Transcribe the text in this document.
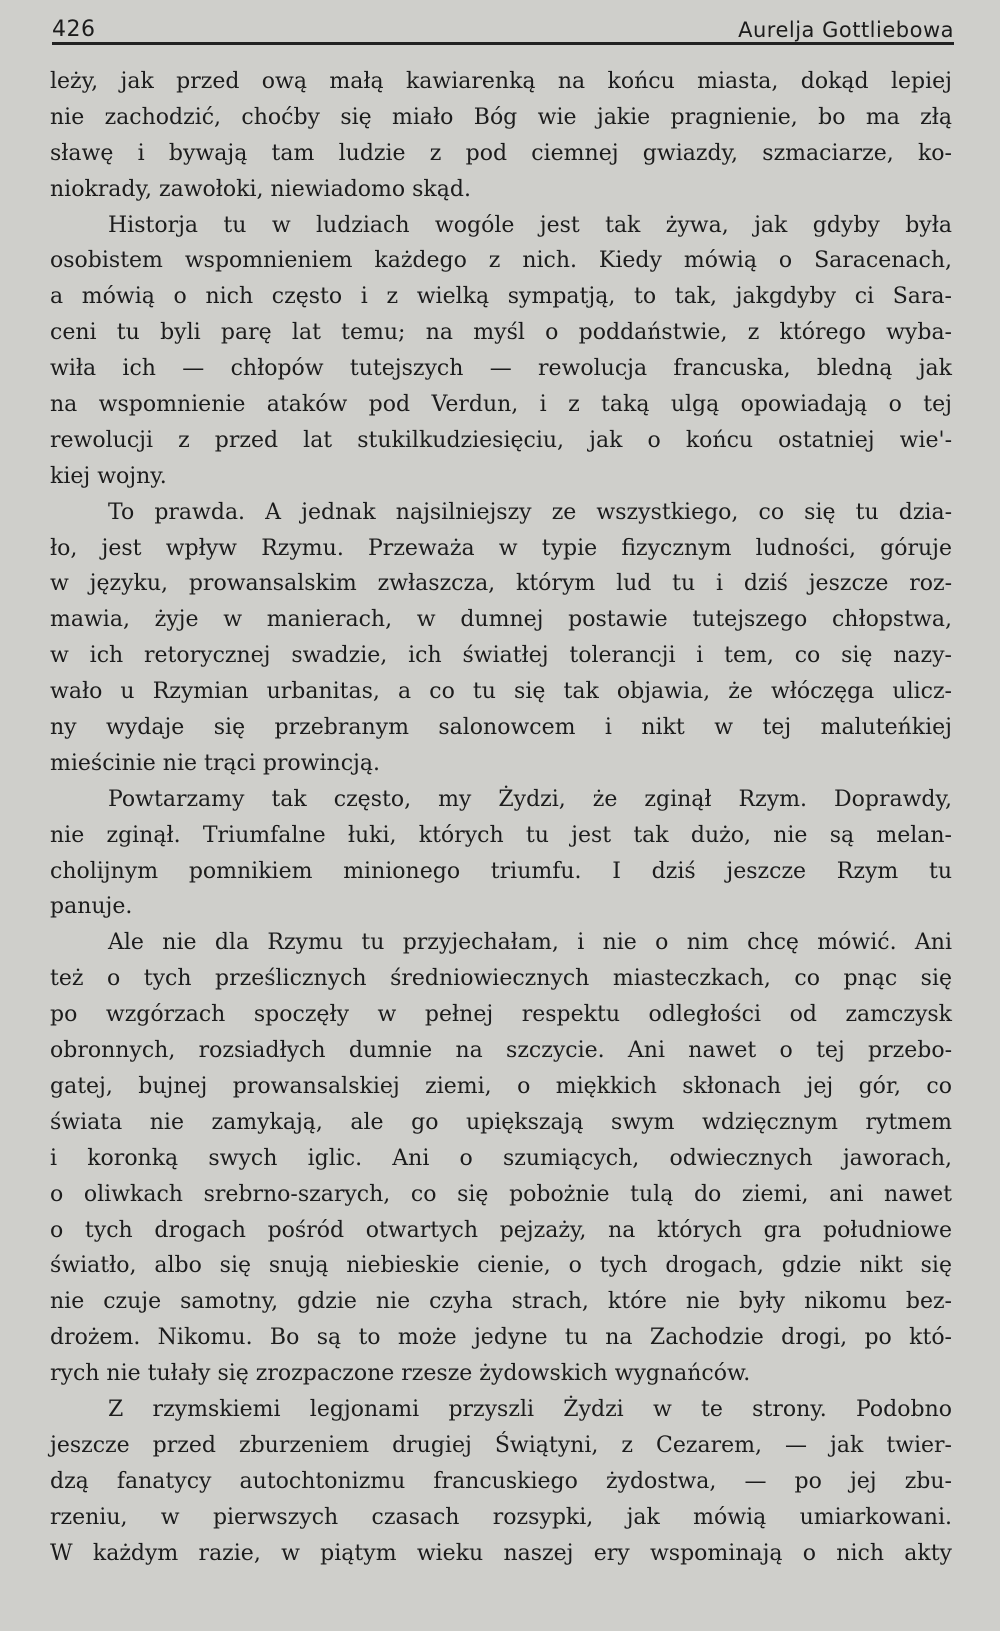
426	Aurelja Gottliebowa
leży, jak przed ową małą kawiarenką na końcu miasta, dokąd lepiej
nie zachodzić, choćby się miało Bóg wie jakie pragnienie, bo ma złą
sławę i bywają tam ludzie z pod ciemnej gwiazdy, szmaciarze, ko-
niokrady, zawołoki, niewiadomo skąd.
Historja tu w ludziach wogóle jest tak żywa, jak gdyby była
osobistem wspomnieniem każdego z nich. Kiedy mówią o Saracenach,
a mówią o nich często i z wielką sympatją, to tak, jakgdyby ci Sara-
ceni tu byli parę lat temu; na myśl o poddaństwie, z którego wyba-
wiła ich — chłopów tutejszych — rewolucja francuska, bledną jak
na wspomnienie ataków pod Verdun, i z taką ulgą opowiadają o tej
rewolucji z przed lat stukilkudziesięciu, jak o końcu ostatniej wie'-
kiej wojny.
To prawda. A jednak najsilniejszy ze wszystkiego, co się tu dzia-
ło, jest wpływ Rzymu. Przeważa w typie fizycznym ludności, góruje
w języku, prowansalskim zwłaszcza, którym lud tu i dziś jeszcze roz-
mawia, żyje w manierach, w dumnej postawie tutejszego chłopstwa,
w ich retorycznej swadzie, ich światłej tolerancji i tem, co się nazy-
wało u Rzymian urbanitas, a co tu się tak objawia, że włóczęga ulicz-
ny wydaje się przebranym salonowcem i nikt w tej maluteńkiej
mieścinie nie trąci prowincją.
Powtarzamy tak często, my Żydzi, że zginął Rzym. Doprawdy,
nie zginął. Triumfalne łuki, których tu jest tak dużo, nie są melan-
cholijnym pomnikiem minionego triumfu. I dziś jeszcze Rzym tu
panuje.
Ale nie dla Rzymu tu przyjechałam, i nie o nim chcę mówić. Ani
też o tych prześlicznych średniowiecznych miasteczkach, co pnąc się
po wzgórzach spoczęły w pełnej respektu odległości od zamczysk
obronnych, rozsiadłych dumnie na szczycie. Ani nawet o tej przebo-
gatej, bujnej prowansalskiej ziemi, o miękkich skłonach jej gór, co
świata nie zamykają, ale go upiększają swym wdzięcznym rytmem
i koronką swych iglic. Ani o szumiących, odwiecznych jaworach,
o oliwkach srebrno-szarych, co się pobożnie tulą do ziemi, ani nawet
o tych drogach pośród otwartych pejzaży, na których gra południowe
światło, albo się snują niebieskie cienie, o tych drogach, gdzie nikt się
nie czuje samotny, gdzie nie czyha strach, które nie były nikomu bez-
drożem. Nikomu. Bo są to może jedyne tu na Zachodzie drogi, po któ-
rych nie tułały się zrozpaczone rzesze żydowskich wygnańców.
Z rzymskiemi legjonami przyszli Żydzi w te strony. Podobno
jeszcze przed zburzeniem drugiej Świątyni, z Cezarem, — jak twier-
dzą fanatycy autochtonizmu francuskiego żydostwa, — po jej zbu-
rzeniu, w pierwszych czasach rozsypki, jak mówią umiarkowani.
W każdym razie, w piątym wieku naszej ery wspominają o nich akty
